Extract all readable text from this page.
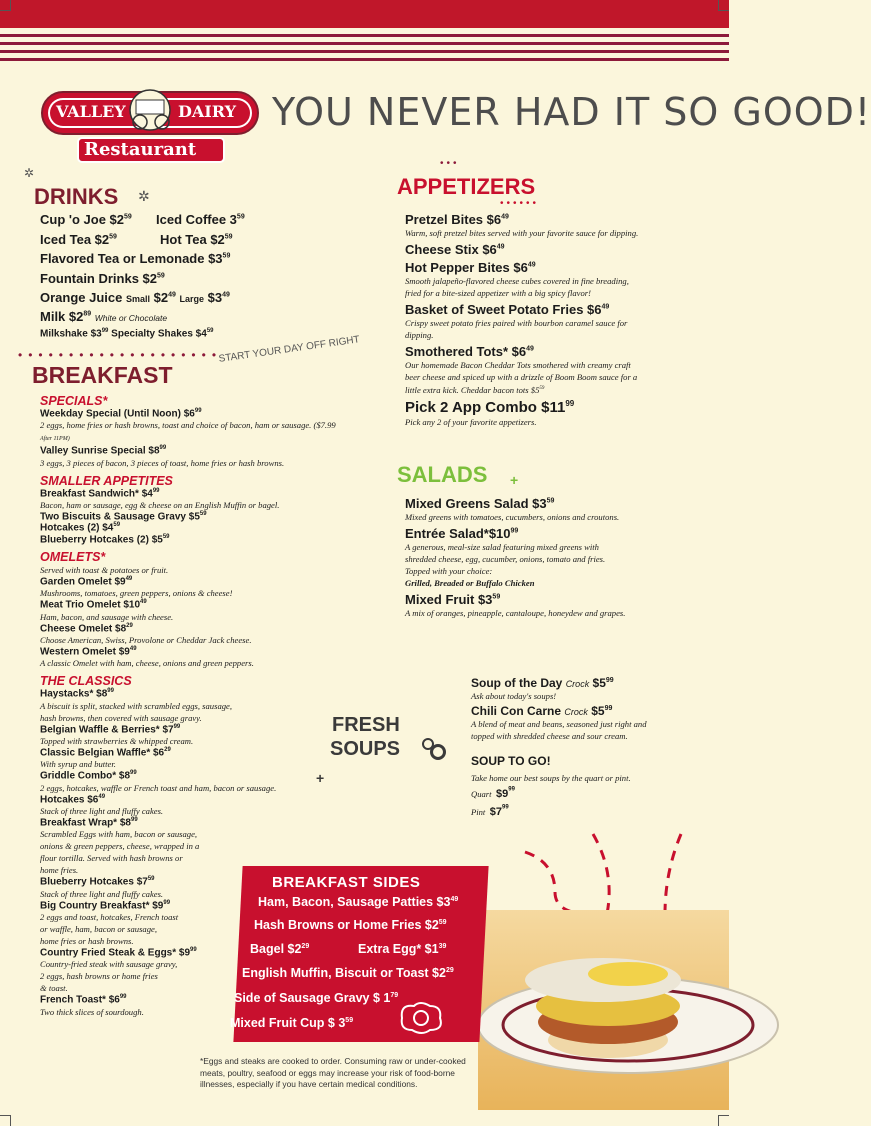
VALLEY	DAIRY
Restaurant
YOU NEVER HAD IT SO GOOD!
✲
DRINKS ✲
Cup 'o Joe $\$2^{59}$ Iced Coffee $3^{59}$
Iced Tea $\$2^{59}$	Hot Tea $\$2^{59}$
Flavored Tea or Lemonade $\$3^{59}$
Fountain Drinks $\$2^{59}$
Orange Juice Small $\$2^{49}$ Large $\$3^{49}$
Milk $\$2^{89}$ White or Chocolate
Milkshake $\$3^{99}$ Specialty Shakes $\$4^{59}$
••••••••••••••••••••
BREAKFAST
START YOUR DAY OFF RIGHT
SPECIALS*
Weekday Special (Until Noon) $\$6^{99}$
2 eggs, home fries or hash browns, toast and choice of bacon, ham or sausage. ($7.99 After 11PM)
Valley Sunrise Special $\$8^{99}$
3 eggs, 3 pieces of bacon, 3 pieces of toast, home fries or hash browns.
SMALLER APPETITES
Breakfast Sandwich* $\$4^{99}$
Bacon, ham or sausage, egg & cheese on an English Muffin or bagel.
Two Biscuits & Sausage Gravy $\$5^{59}$
Hotcakes (2) $\$4^{59}$
Blueberry Hotcakes (2) $\$5^{59}$
OMELETS*
Served with toast & potatoes or fruit.
Garden Omelet $\$9^{49}$
Mushrooms, tomatoes, green peppers, onions & cheese!
Meat Trio Omelet $\$10^{49}$
Ham, bacon, and sausage with cheese.
Cheese Omelet $\$8^{29}$
Choose American, Swiss, Provolone or Cheddar Jack cheese.
Western Omelet $\$9^{49}$
A classic Omelet with ham, cheese, onions and green peppers.
THE CLASSICS
Haystacks* $\$8^{99}$
A biscuit is split, stacked with scrambled eggs, sausage,
hash browns, then covered with sausage gravy.
Belgian Waffle & Berries* $\$7^{99}$
Topped with strawberries & whipped cream.
Classic Belgian Waffle* $\$6^{29}$
With syrup and butter.
Griddle Combo* $\$8^{99}$
2 eggs, hotcakes, waffle or French toast and ham, bacon or sausage.
Hotcakes $\$6^{49}$
Stack of three light and fluffy cakes.
Breakfast Wrap* $\$8^{99}$
Scrambled Eggs with ham, bacon or sausage,
onions & green peppers, cheese, wrapped in a
flour tortilla. Served with hash browns or
home fries.
Blueberry Hotcakes $\$7^{59}$
Stack of three light and fluffy cakes.
Big Country Breakfast* $\$9^{99}$
2 eggs and toast, hotcakes, French toast
or waffle, ham, bacon or sausage,
home fries or hash browns.
Country Fried Steak & Eggs* $\$9^{99}$
Country-fried steak with sausage gravy,
2 eggs, hash browns or home fries
& toast.
French Toast* $\$6^{99}$
Two thick slices of sourdough.
•••
APPETIZERS
••••••
Pretzel Bites $\$6^{49}$
Warm, soft pretzel bites served with your favorite sauce for dipping.
Cheese Stix $\$6^{49}$
Hot Pepper Bites $\$6^{49}$
Smooth jalapeño-flavored cheese cubes covered in fine breading,
fried for a bite-sized appetizer with a big spicy flavor!
Basket of Sweet Potato Fries $\$6^{49}$
Crispy sweet potato fries paired with bourbon caramel sauce for
dipping.
Smothered Tots* $\$6^{49}$
Our homemade Bacon Cheddar Tots smothered with creamy craft
beer cheese and spiced up with a drizzle of Boom Boom sauce for a
little extra kick. Cheddar bacon tots $\$5^{59}$
Pick 2 App Combo $\$11^{99}$
Pick any 2 of your favorite appetizers.
SALADS +
Mixed Greens Salad $\$3^{59}$
Mixed greens with tomatoes, cucumbers, onions and croutons.
Entrée $Salad*\$10^{99}$
A generous, meal-size salad featuring mixed greens with
shredded cheese, egg, cucumber, onions, tomato and fries.
Topped with your choice:
Grilled, Breaded or Buffalo Chicken
Mixed Fruit $\$3^{59}$
A mix of oranges, pineapple, cantaloupe, honeydew and grapes.
FRESH
SOUPS
+
Soup of the Day Crock $\$5^{99}$
Ask about today's soups!
Chili Con Carne Crock $\$5^{99}$
A blend of meat and beans, seasoned just right and
topped with shredded cheese and sour cream.
SOUP TO GO!
Take home our best soups by the quart or pint.
Quart $\$9^{99}$
Pint $\$7^{99}$
BREAKFAST SIDES
Ham, Bacon, Sausage Patties $\$3^{49}$
Hash Browns or Home Fries $\$2^{59}$
Bagel $\$2^{29}$	Extra Egg* $\$1^{39}$
English Muffin, Biscuit or Toast $\$2^{29}$
Side of Sausage Gravy $ $1^{79}$
Mixed Fruit Cup $ $3^{59}$
*Eggs and steaks are cooked to order. Consuming raw or under-cooked
meats, poultry, seafood or eggs may increase your risk of food-borne
illnesses, especially if you have certain medical conditions.
